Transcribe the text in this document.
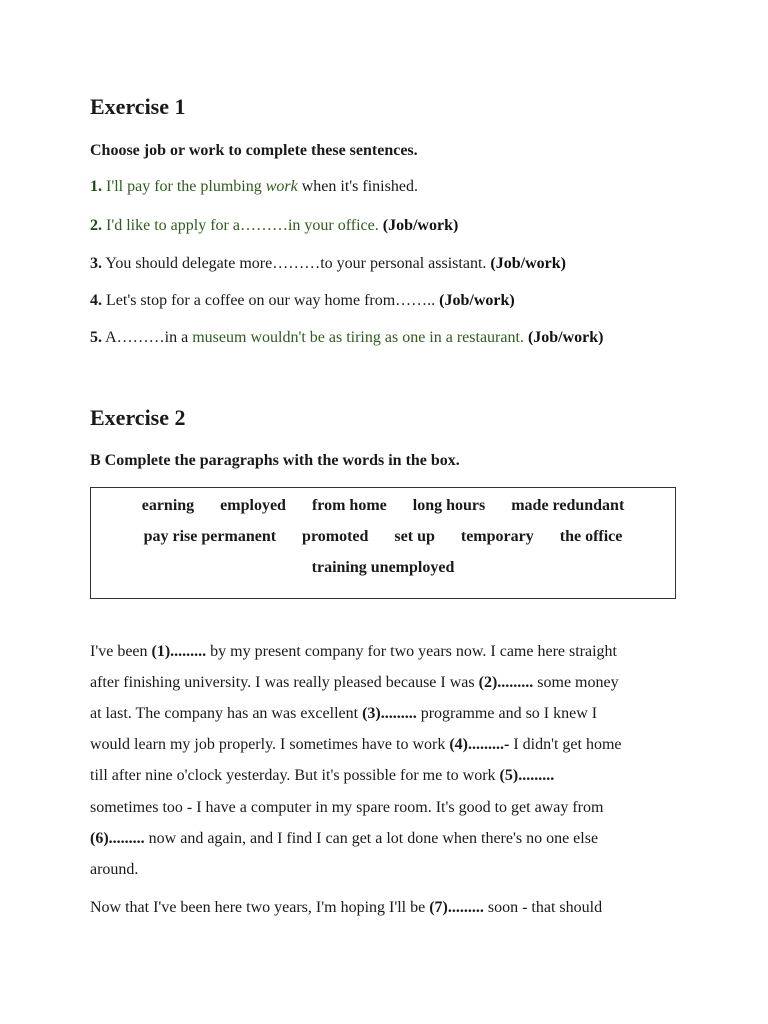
Exercise 1
Choose job or work to complete these sentences.
1. I'll pay for the plumbing work when it's finished.
2. I'd like to apply for a………in your office. (Job/work)
3. You should delegate more………to your personal assistant. (Job/work)
4. Let's stop for a coffee on our way home from…….. (Job/work)
5. A………in a museum wouldn't be as tiring as one in a restaurant. (Job/work)
Exercise 2
B Complete the paragraphs with the words in the box.
earning employed from home long hours made redundant
pay rise permanent promoted set up temporary the office
training unemployed
I've been (1)......... by my present company for two years now. I came here straight
after finishing university. I was really pleased because I was (2)......... some money
at last. The company has an was excellent (3)......... programme and so I knew I
would learn my job properly. I sometimes have to work (4).........- I didn't get home
till after nine o'clock yesterday. But it's possible for me to work (5).........
sometimes too - I have a computer in my spare room. It's good to get away from
(6)......... now and again, and I find I can get a lot done when there's no one else
around.
Now that I've been here two years, I'm hoping I'll be (7)......... soon - that should
